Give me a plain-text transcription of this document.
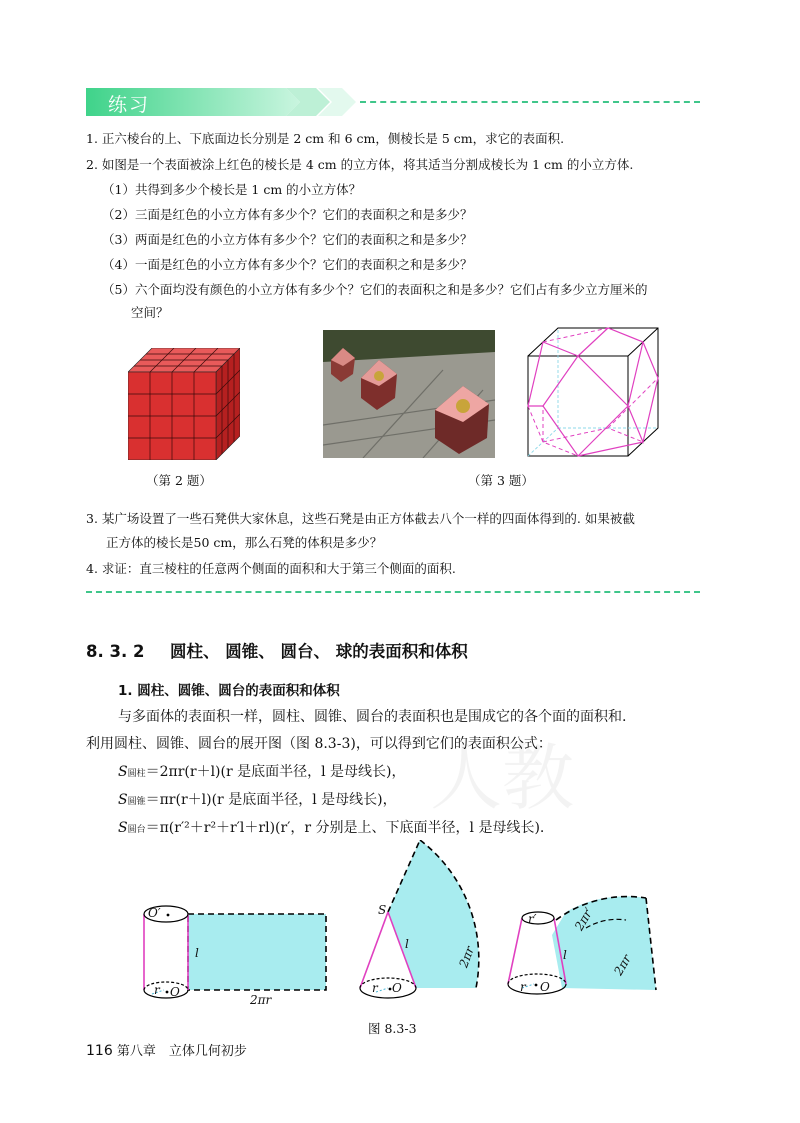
练习
1. 正六棱台的上、下底面边长分别是 2 cm 和 6 cm，侧棱长是 5 cm，求它的表面积.
2. 如图是一个表面被涂上红色的棱长是 4 cm 的立方体，将其适当分割成棱长为 1 cm 的小立方体.
（1）共得到多少个棱长是 1 cm 的小立方体？
（2）三面是红色的小立方体有多少个？它们的表面积之和是多少？
（3）两面是红色的小立方体有多少个？它们的表面积之和是多少？
（4）一面是红色的小立方体有多少个？它们的表面积之和是多少？
（5）六个面均没有颜色的小立方体有多少个？它们的表面积之和是多少？它们占有多少立方厘米的
空间？
（第 2 题）	（第 3 题）
3. 某广场设置了一些石凳供大家休息，这些石凳是由正方体截去八个一样的四面体得到的. 如果被截
正方体的棱长是50 cm，那么石凳的体积是多少？
4. 求证：直三棱柱的任意两个侧面的面积和大于第三个侧面的面积.
8. 3. 2 圆柱、 圆锥、 圆台、 球的表面积和体积
1. 圆柱、圆锥、圆台的表面积和体积
与多面体的表面积一样，圆柱、圆锥、圆台的表面积也是围成它的各个面的面积和.
利用圆柱、圆锥、圆台的展开图（图 8.3-3)，可以得到它们的表面积公式：
S圆柱＝2πr(r＋l)(r 是底面半径，l 是母线长)，
S圆锥＝πr(r＋l)(r 是底面半径，l 是母线长)，
S圆台＝π(r′²＋r²＋r′l＋rl)(r′，r 分别是上、下底面半径，l 是母线长).
O′
l
r O
2πr
S
l
r O
2πr
r′
l
2πr′
2πr
r O
图 8.3-3
116 第八章　立体几何初步
